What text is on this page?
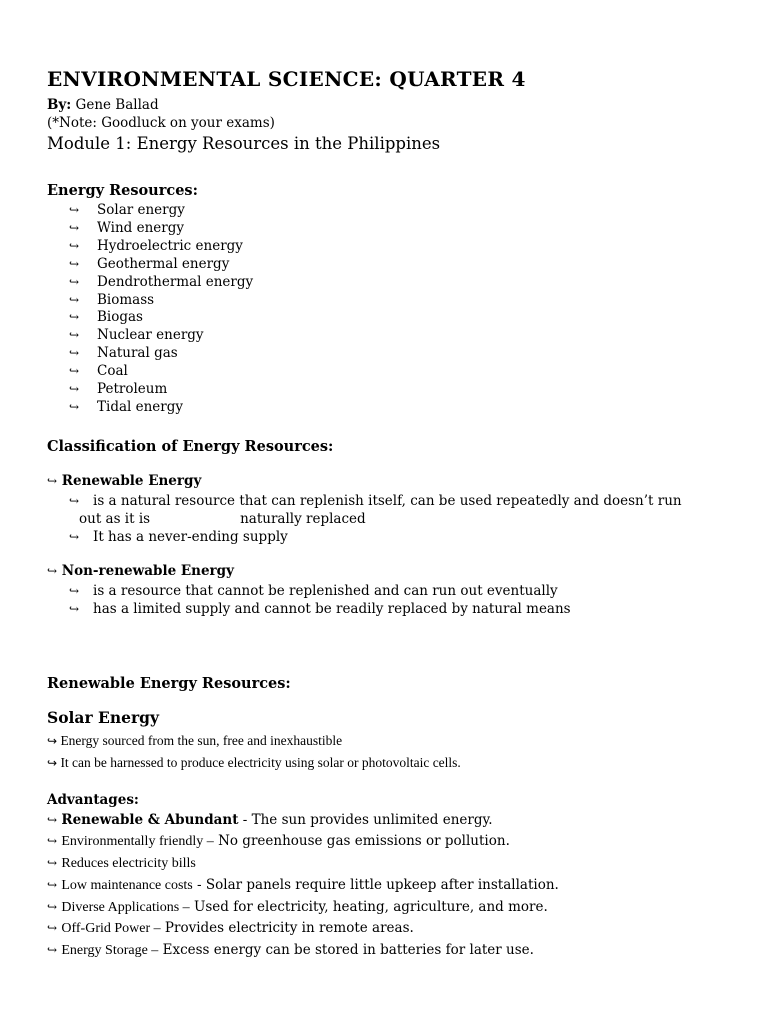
ENVIRONMENTAL SCIENCE: QUARTER 4
By: Gene Ballad
(*Note: Goodluck on your exams)
Module 1: Energy Resources in the Philippines
Energy Resources:
↪ Solar energy
↪ Wind energy
↪ Hydroelectric energy
↪ Geothermal energy
↪ Dendrothermal energy
↪ Biomass
↪ Biogas
↪ Nuclear energy
↪ Natural gas
↪ Coal
↪ Petroleum
↪ Tidal energy
Classification of Energy Resources:
↪ Renewable Energy
↪ is a natural resource that can replenish itself, can be used repeatedly and doesn’t run
out as it is	naturally replaced
↪ It has a never-ending supply
↪ Non-renewable Energy
↪ is a resource that cannot be replenished and can run out eventually
↪ has a limited supply and cannot be readily replaced by natural means
Renewable Energy Resources:
Solar Energy
↪ Energy sourced from the sun, free and inexhaustible
↪ It can be harnessed to produce electricity using solar or photovoltaic cells.
Advantages:
↪ Renewable & Abundant - The sun provides unlimited energy.
↪ Environmentally friendly – No greenhouse gas emissions or pollution.
↪ Reduces electricity bills
↪ Low maintenance costs - Solar panels require little upkeep after installation.
↪ Diverse Applications – Used for electricity, heating, agriculture, and more.
↪ Off-Grid Power – Provides electricity in remote areas.
↪ Energy Storage – Excess energy can be stored in batteries for later use.
